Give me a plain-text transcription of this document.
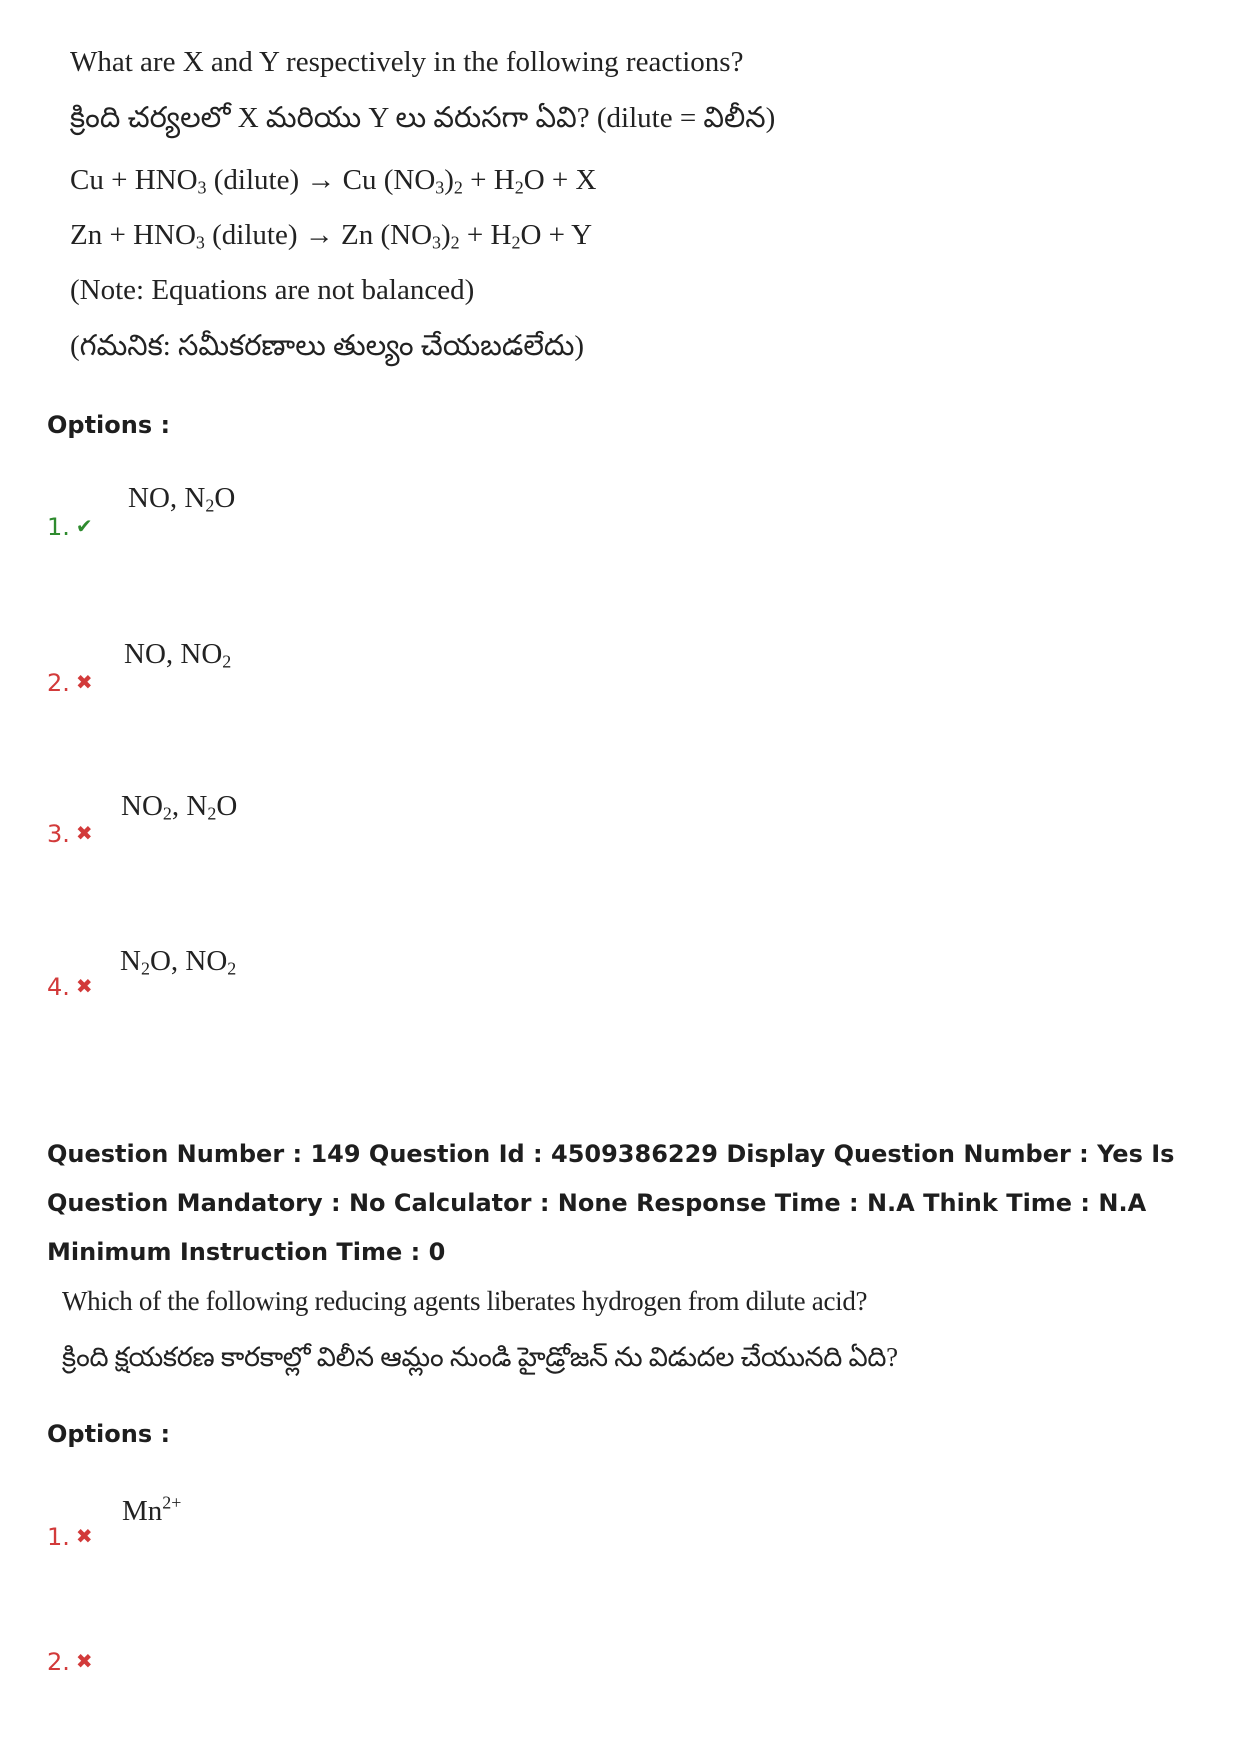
What are X and Y respectively in the following reactions?
క్రింది చర్యలలో X మరియు Y లు వరుసగా ఏవి? (dilute = విలీన)
$Cu + HNO_3$ (dilute) → Cu $(NO_3)_2 + H_2O + X$
$Zn + HNO_3$ (dilute) → Zn $(NO_3)_2 + H_2O + Y$
(Note: Equations are not balanced)
(గమనిక: సమీకరణాలు తుల్యం చేయబడలేదు)
Options :
1. ✔
NO, $N_2O$
2. ✖
NO, $NO_2$
3. ✖
$NO_2$, $N_2O$
4. ✖
$N_2O$, $NO_2$
Question Number : 149 Question Id : 4509386229 Display Question Number : Yes Is Question Mandatory : No Calculator : None Response Time : N.A Think Time : N.A Minimum Instruction Time : 0
Which of the following reducing agents liberates hydrogen from dilute acid?
క్రింది క్షయకరణ కారకాల్లో విలీన ఆమ్లం నుండి హైడ్రోజన్ ను విడుదల చేయునది ఏది?
Options :
1. ✖
$Mn^{2+}$
2. ✖
